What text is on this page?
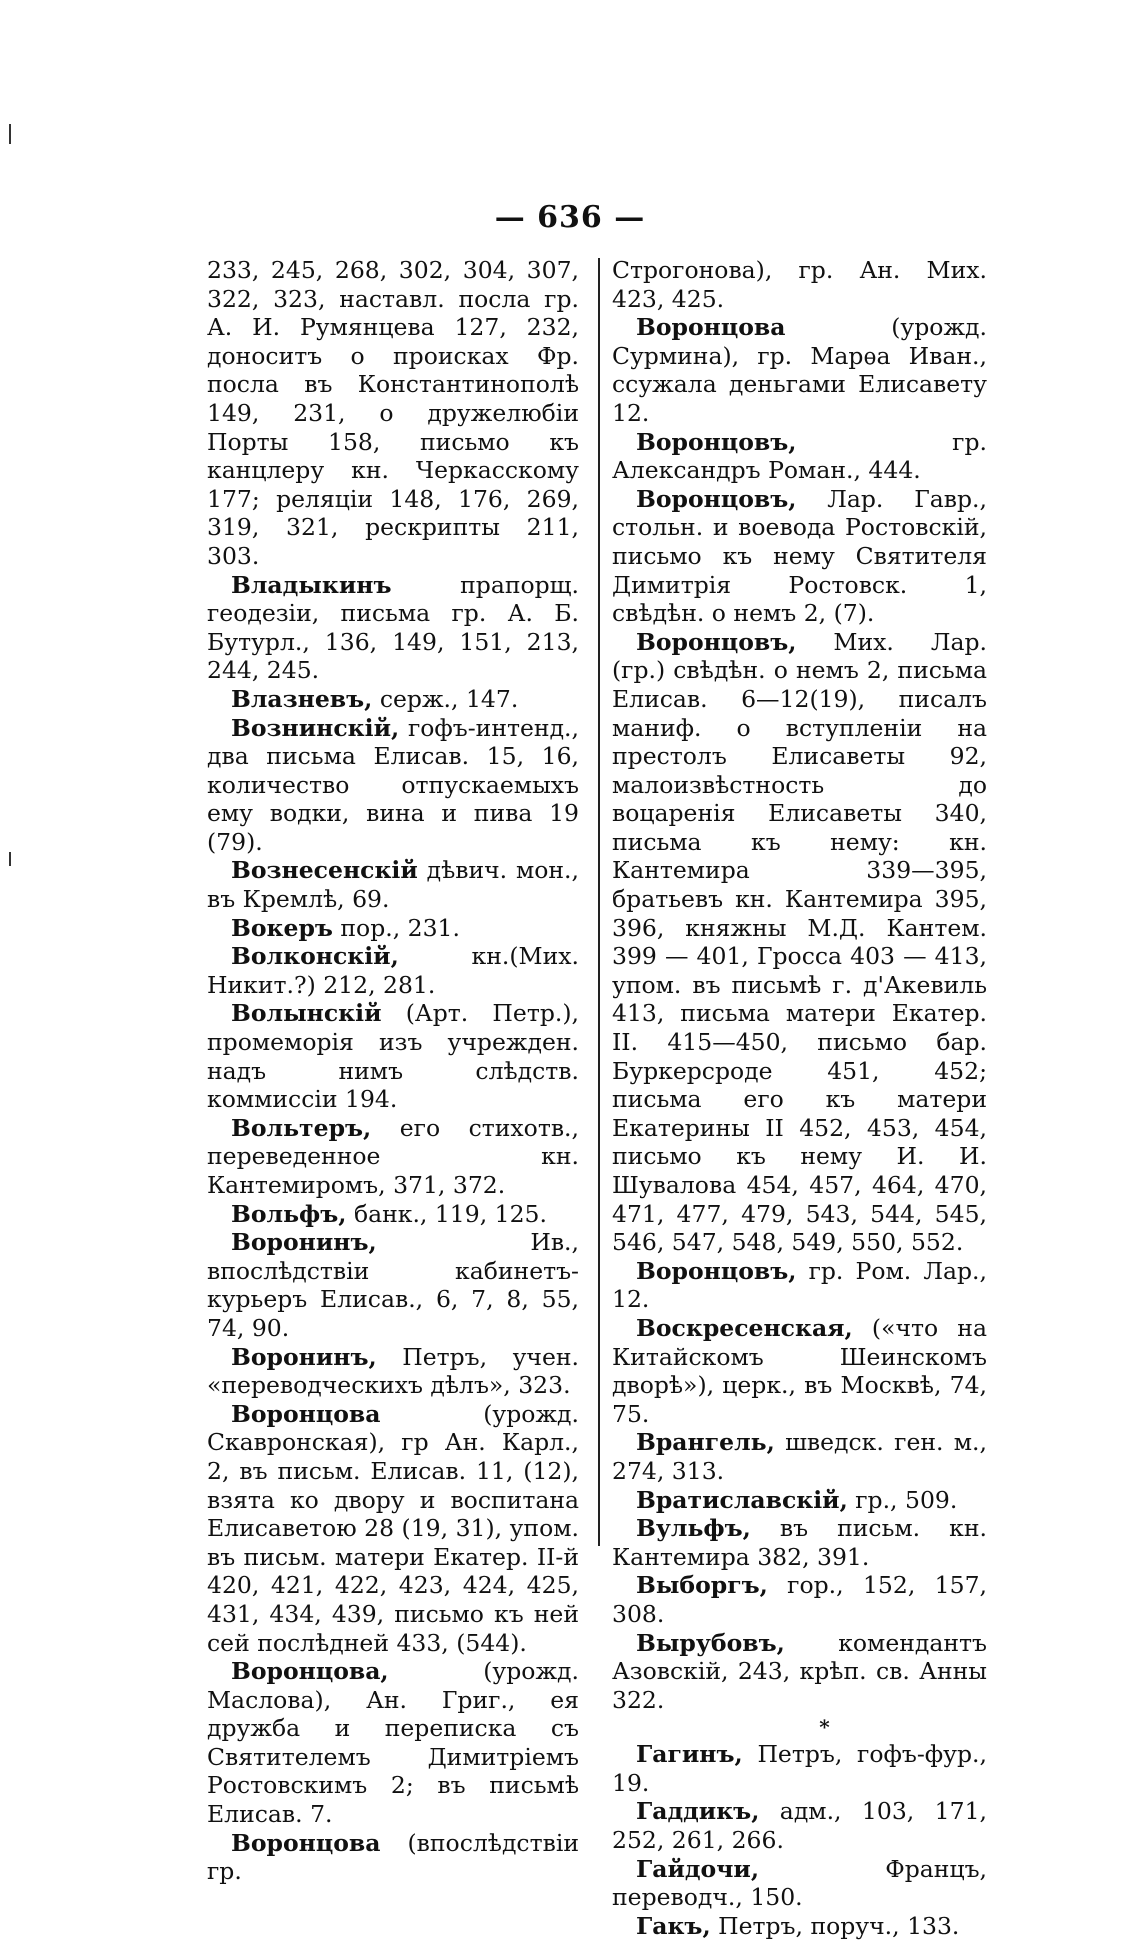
— 636 —

233, 245, 268, 302, 304, 307, 322, 323, наставл. посла гр. А. И. Румянцева 127, 232, доноситъ о происках Фр. посла въ Константинополѣ 149, 231, о дружелюбіи Порты 158, письмо къ канцлеру кн. Черкасскому 177; реляціи 148, 176, 269, 319, 321, рескрипты 211, 303.

Владыкинъ прапорщ. геодезіи, письма гр. А. Б. Бутурл., 136, 149, 151, 213, 244, 245.

Влазневъ, серж., 147.

Вознинскій, гофъ-интенд., два письма Елисав. 15, 16, количество отпускаемыхъ ему водки, вина и пива 19 (79).

Вознесенскій дѣвич. мон., въ Кремлѣ, 69.

Вокеръ пор., 231.

Волконскій, кн.(Мих. Никит.?) 212, 281.

Волынскій (Арт. Петр.), промеморія изъ учрежден. надъ нимъ слѣдств. коммиссіи 194.

Вольтеръ, его стихотв., переведенное кн. Кантемиромъ, 371, 372.

Вольфъ, банк., 119, 125.

Воронинъ, Ив., впослѣдствіи кабинетъ-курьеръ Елисав., 6, 7, 8, 55, 74, 90.

Воронинъ, Петръ, учен. «переводческихъ дѣлъ», 323.

Воронцова (урожд. Скавронская), гр Ан. Карл., 2, въ письм. Елисав. 11, (12), взята ко двору и воспитана Елисаветою 28 (19, 31), упом. въ письм. матери Екатер. II-й 420, 421, 422, 423, 424, 425, 431, 434, 439, письмо къ ней сей послѣдней 433, (544).

Воронцова, (урожд. Маслова), Ан. Григ., ея дружба и переписка съ Святителемъ Димитріемъ Ростовскимъ 2; въ письмѣ Елисав. 7.

Воронцова (впослѣдствіи гр.

Строгонова), гр. Ан. Мих. 423, 425.

Воронцова (урожд. Сурмина), гр. Марѳа Иван., ссужала деньгами Елисавету 12.

Воронцовъ, гр. Александръ Роман., 444.

Воронцовъ, Лар. Гавр., стольн. и воевода Ростовскій, письмо къ нему Святителя Димитрія Ростовск. 1, свѣдѣн. о немъ 2, (7).

Воронцовъ, Мих. Лар. (гр.) свѣдѣн. о немъ 2, письма Елисав. 6—12(19), писалъ маниф. о вступленіи на престолъ Елисаветы 92, малоизвѣстность до воцаренія Елисаветы 340, письма къ нему: кн. Кантемира 339—395, братьевъ кн. Кантемира 395, 396, княжны М.Д. Кантем. 399 — 401, Гросса 403 — 413, упом. въ письмѣ г. д'Акевиль 413, письма матери Екатер. II. 415—450, письмо бар. Буркерсроде 451, 452; письма его къ матери Екатерины II 452, 453, 454, письмо къ нему И. И. Шувалова 454, 457, 464, 470, 471, 477, 479, 543, 544, 545, 546, 547, 548, 549, 550, 552.

Воронцовъ, гр. Ром. Лар., 12.

Воскресенская, («что на Китайскомъ Шеинскомъ дворѣ»), церк., въ Москвѣ, 74, 75.

Врангель, шведск. ген. м., 274, 313.

Вратиславскій, гр., 509.

Вульфъ, въ письм. кн. Кантемира 382, 391.

Выборгъ, гор., 152, 157, 308.

Вырубовъ, комендантъ Азовскій, 243, крѣп. св. Анны 322.

*

Гагинъ, Петръ, гофъ-фур., 19.

Гаддикъ, адм., 103, 171, 252, 261, 266.

Гайдочи, Францъ, переводч., 150.

Гакъ, Петръ, поруч., 133.
